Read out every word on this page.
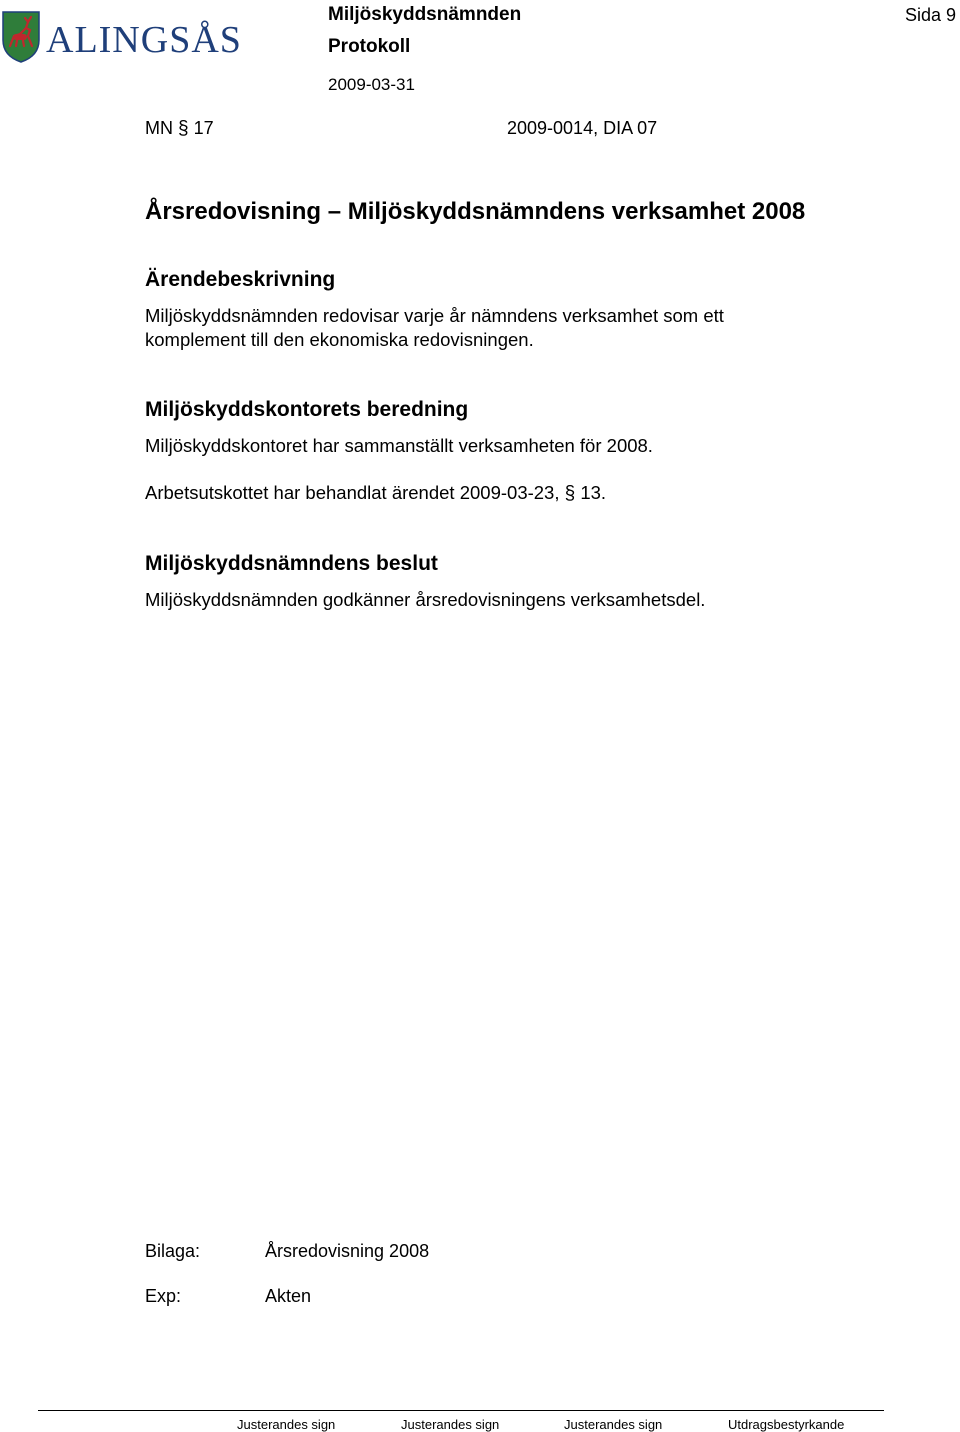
ALINGSÅS
Miljöskyddsnämnden
Protokoll
2009-03-31
Sida 9
MN § 17	2009-0014, DIA 07
Årsredovisning – Miljöskyddsnämndens verksamhet 2008
Ärendebeskrivning
Miljöskyddsnämnden redovisar varje år nämndens verksamhet som ett
komplement till den ekonomiska redovisningen.
Miljöskyddskontorets beredning
Miljöskyddskontoret har sammanställt verksamheten för 2008.
Arbetsutskottet har behandlat ärendet 2009-03-23, § 13.
Miljöskyddsnämndens beslut
Miljöskyddsnämnden godkänner årsredovisningens verksamhetsdel.
Bilaga:	Årsredovisning 2008
Exp:	Akten
Justerandes sign	Justerandes sign	Justerandes sign	Utdragsbestyrkande
